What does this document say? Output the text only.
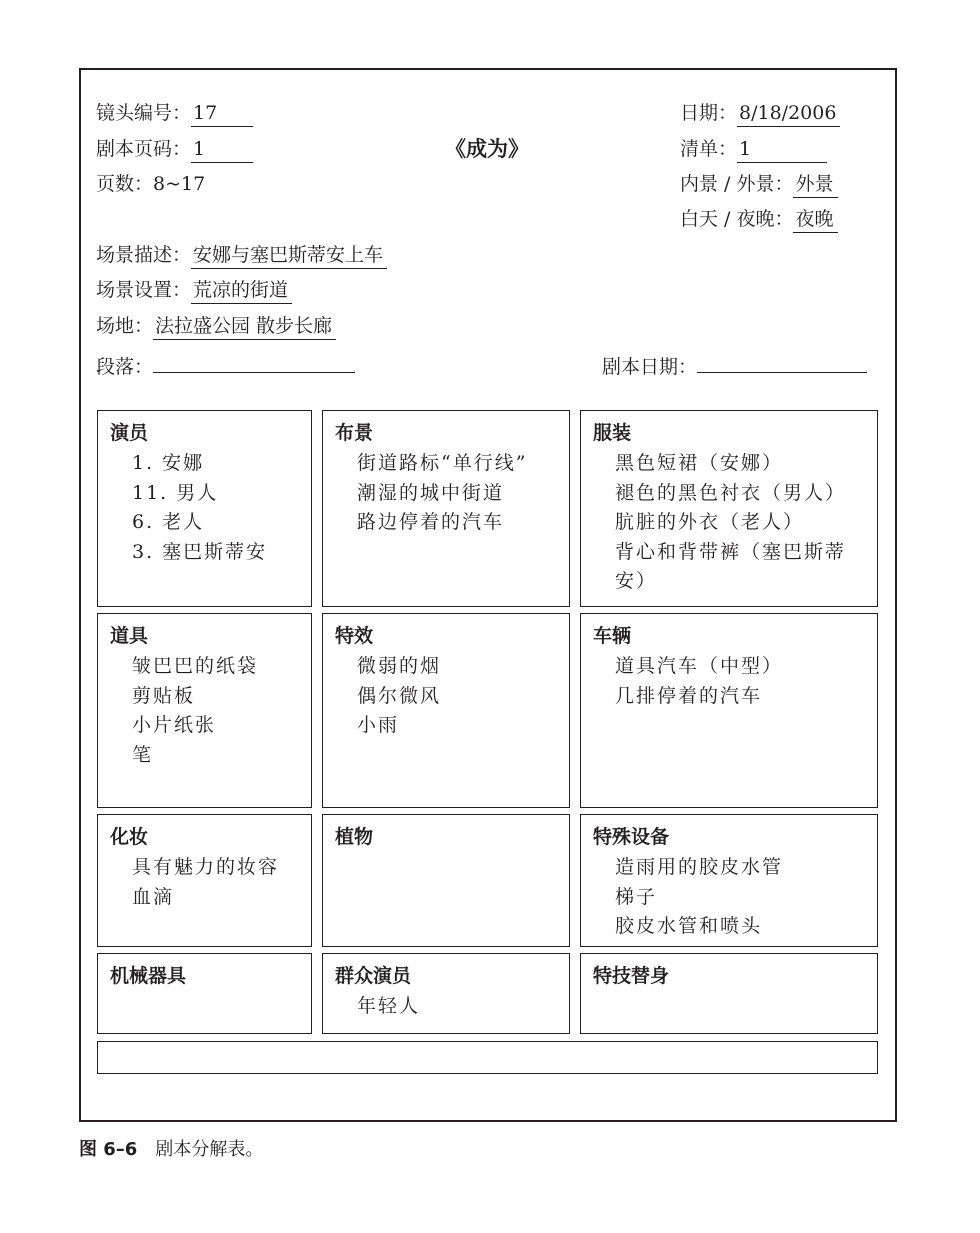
镜头编号： 17
剧本页码： 1
页数：8~17
《成为》
日期： 8/18/2006
清单： 1
内景 / 外景： 外景
白天 / 夜晚： 夜晚
场景描述： 安娜与塞巴斯蒂安上车
场景设置： 荒凉的街道
场地： 法拉盛公园 散步长廊
段落：	剧本日期：
演员
1. 安娜
11. 男人
6. 老人
3. 塞巴斯蒂安
布景
街道路标“单行线”
潮湿的城中街道
路边停着的汽车
服装
黑色短裙（安娜）
褪色的黑色衬衣（男人）
肮脏的外衣（老人）
背心和背带裤（塞巴斯蒂安）
道具
皱巴巴的纸袋
剪贴板
小片纸张
笔
特效
微弱的烟
偶尔微风
小雨
车辆
道具汽车（中型）
几排停着的汽车
化妆
具有魅力的妆容
血滴
植物	特殊设备
造雨用的胶皮水管
梯子
胶皮水管和喷头
机械器具	群众演员
年轻人
特技替身
图 6–6 剧本分解表。
